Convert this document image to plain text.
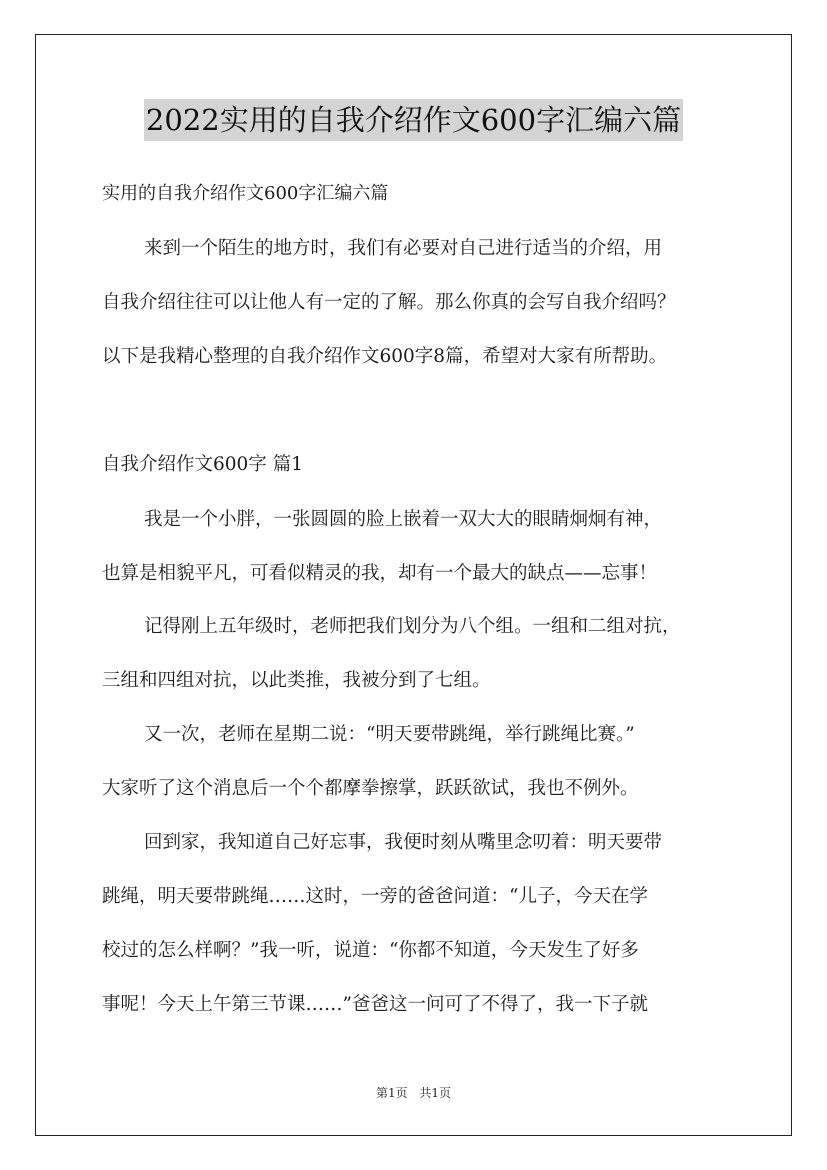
2022实用的自我介绍作文600字汇编六篇
实用的自我介绍作文600字汇编六篇
来到一个陌生的地方时，我们有必要对自己进行适当的介绍，用
自我介绍往往可以让他人有一定的了解。那么你真的会写自我介绍吗？
以下是我精心整理的自我介绍作文600字8篇，希望对大家有所帮助。
自我介绍作文600字 篇1
我是一个小胖，一张圆圆的脸上嵌着一双大大的眼睛炯炯有神，
也算是相貌平凡，可看似精灵的我，却有一个最大的缺点——忘事！
记得刚上五年级时，老师把我们划分为八个组。一组和二组对抗，
三组和四组对抗，以此类推，我被分到了七组。
又一次，老师在星期二说：“明天要带跳绳，举行跳绳比赛。”
大家听了这个消息后一个个都摩拳擦掌，跃跃欲试，我也不例外。
回到家，我知道自己好忘事，我便时刻从嘴里念叨着：明天要带
跳绳，明天要带跳绳……这时，一旁的爸爸问道：“儿子，今天在学
校过的怎么样啊？”我一听，说道：“你都不知道，今天发生了好多
事呢！今天上午第三节课……”爸爸这一问可了不得了，我一下子就
第1页 共1页
